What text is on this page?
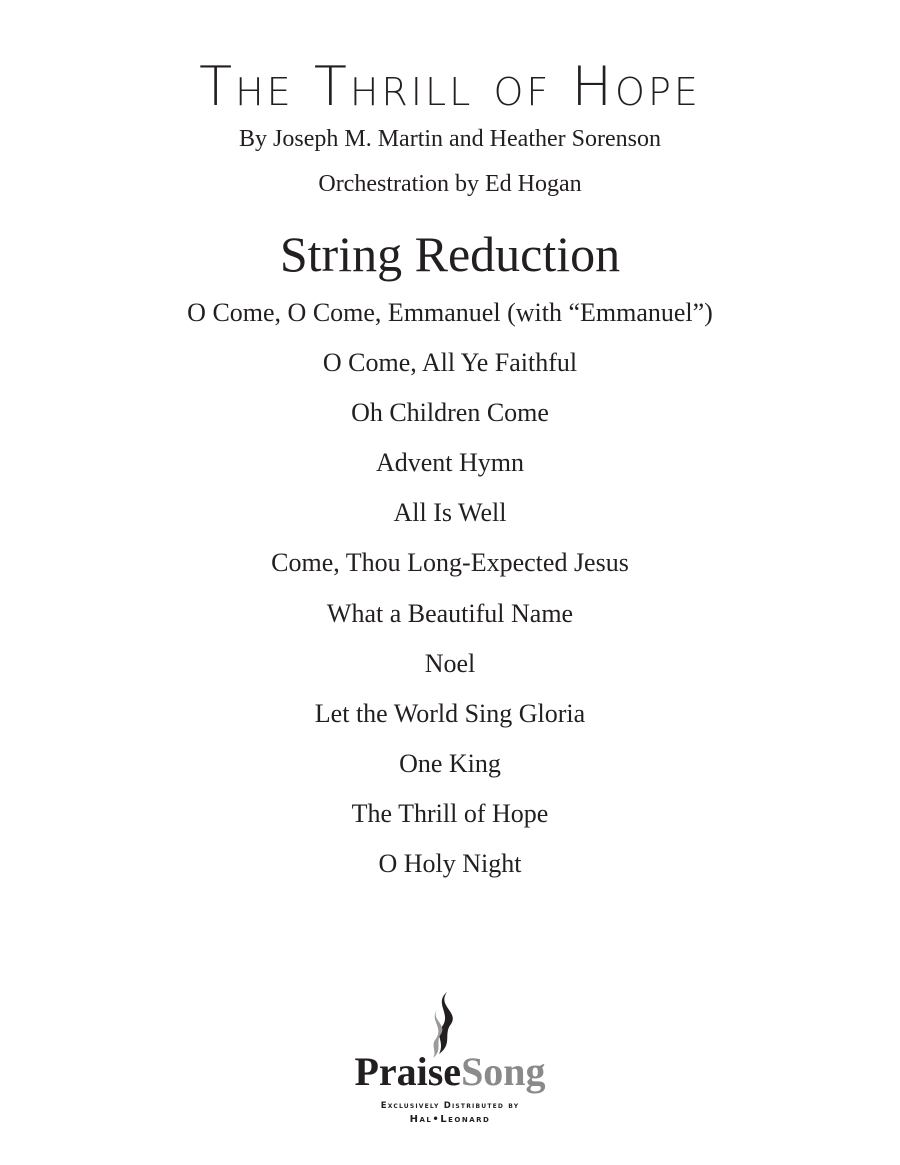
The Thrill of Hope
By Joseph M. Martin and Heather Sorenson
Orchestration by Ed Hogan
String Reduction
O Come, O Come, Emmanuel (with “Emmanuel”)
O Come, All Ye Faithful
Oh Children Come
Advent Hymn
All Is Well
Come, Thou Long-Expected Jesus
What a Beautiful Name
Noel
Let the World Sing Gloria
One King
The Thrill of Hope
O Holy Night
PraiseSong
Exclusively Distributed by
Hal•Leonard
